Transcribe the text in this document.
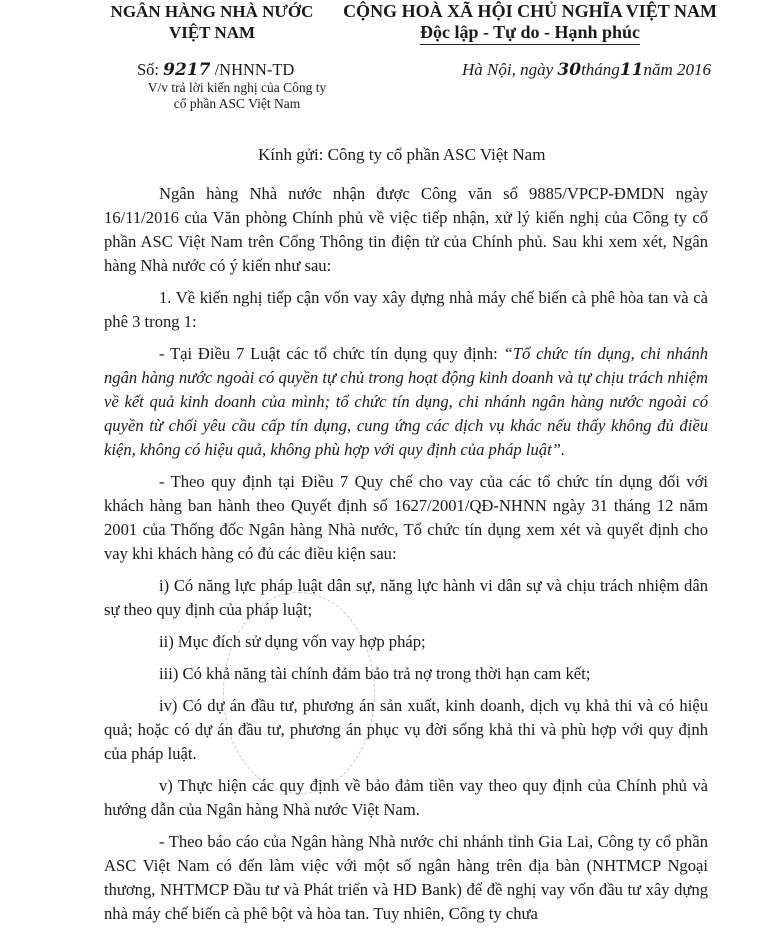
NGÂN HÀNG NHÀ NƯỚC
VIỆT NAM
CỘNG HOÀ XÃ HỘI CHỦ NGHĨA VIỆT NAM
Độc lập - Tự do - Hạnh phúc
Số: 9217 /NHNN-TD
V/v trả lời kiến nghị của Công ty
cổ phần ASC Việt Nam
Hà Nội, ngày 30tháng11năm 2016
Kính gửi: Công ty cổ phần ASC Việt Nam

Ngân hàng Nhà nước nhận được Công văn số 9885/VPCP-ĐMDN ngày 16/11/2016 của Văn phòng Chính phủ về việc tiếp nhận, xử lý kiến nghị của Công ty cổ phần ASC Việt Nam trên Cổng Thông tin điện tử của Chính phủ. Sau khi xem xét, Ngân hàng Nhà nước có ý kiến như sau:

1. Về kiến nghị tiếp cận vốn vay xây dựng nhà máy chế biến cà phê hòa tan và cà phê 3 trong 1:

- Tại Điều 7 Luật các tổ chức tín dụng quy định: “Tổ chức tín dụng, chi nhánh ngân hàng nước ngoài có quyền tự chủ trong hoạt động kinh doanh và tự chịu trách nhiệm về kết quả kinh doanh của mình; tổ chức tín dụng, chi nhánh ngân hàng nước ngoài có quyền từ chối yêu cầu cấp tín dụng, cung ứng các dịch vụ khác nếu thấy không đủ điều kiện, không có hiệu quả, không phù hợp với quy định của pháp luật”.

- Theo quy định tại Điều 7 Quy chế cho vay của các tổ chức tín dụng đối với khách hàng ban hành theo Quyết định số 1627/2001/QĐ-NHNN ngày 31 tháng 12 năm 2001 của Thống đốc Ngân hàng Nhà nước, Tổ chức tín dụng xem xét và quyết định cho vay khi khách hàng có đủ các điều kiện sau:

i) Có năng lực pháp luật dân sự, năng lực hành vi dân sự và chịu trách nhiệm dân sự theo quy định của pháp luật;

ii) Mục đích sử dụng vốn vay hợp pháp;

iii) Có khả năng tài chính đảm bảo trả nợ trong thời hạn cam kết;

iv) Có dự án đầu tư, phương án sản xuất, kinh doanh, dịch vụ khả thi và có hiệu quả; hoặc có dự án đầu tư, phương án phục vụ đời sống khả thi và phù hợp với quy định của pháp luật.

v) Thực hiện các quy định về bảo đảm tiền vay theo quy định của Chính phủ và hướng dẫn của Ngân hàng Nhà nước Việt Nam.

- Theo báo cáo của Ngân hàng Nhà nước chi nhánh tỉnh Gia Lai, Công ty cổ phần ASC Việt Nam có đến làm việc với một số ngân hàng trên địa bàn (NHTMCP Ngoại thương, NHTMCP Đầu tư và Phát triển và HD Bank) để đề nghị vay vốn đầu tư xây dựng nhà máy chế biến cà phê bột và hòa tan. Tuy nhiên, Công ty chưa
